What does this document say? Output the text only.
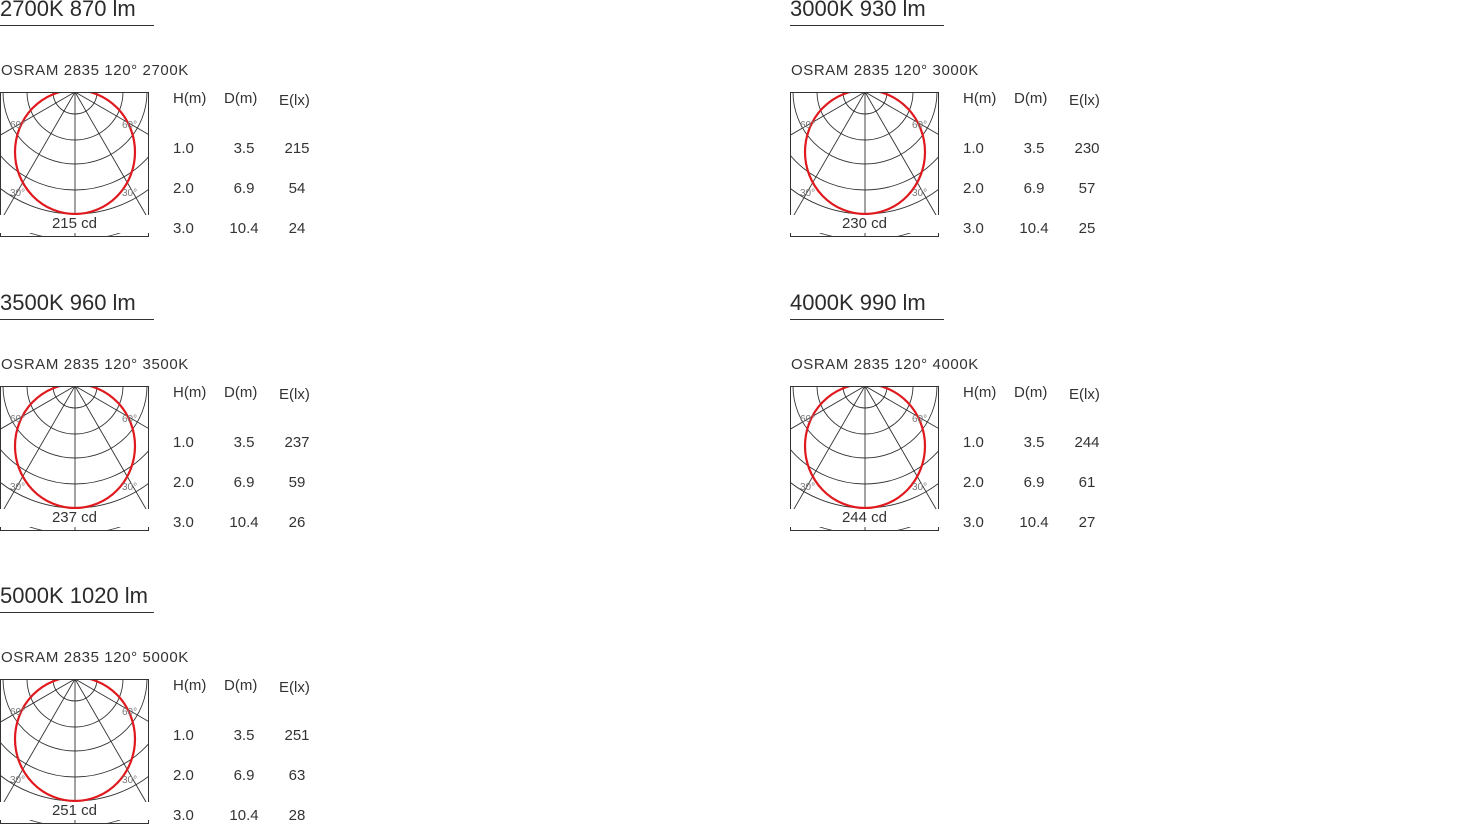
2700K 870 lm
OSRAM 2835 120° 2700K
60°	60°
30°	30°
215 cd
H(m) D(m) E(lx)
1.0	3.5	215
2.0	6.9	54
3.0	10.4	24
3000K 930 lm
OSRAM 2835 120° 3000K
60°	60°
30°	30°
230 cd
H(m) D(m) E(lx)
1.0	3.5	230
2.0	6.9	57
3.0	10.4	25
3500K 960 lm
OSRAM 2835 120° 3500K
60°	60°
30°	30°
237 cd
H(m) D(m) E(lx)
1.0	3.5	237
2.0	6.9	59
3.0	10.4	26
4000K 990 lm
OSRAM 2835 120° 4000K
60°	60°
30°	30°
244 cd
H(m) D(m) E(lx)
1.0	3.5	244
2.0	6.9	61
3.0	10.4	27
5000K 1020 lm
OSRAM 2835 120° 5000K
60°	60°
30°	30°
251 cd
H(m) D(m) E(lx)
1.0	3.5	251
2.0	6.9	63
3.0	10.4	28
